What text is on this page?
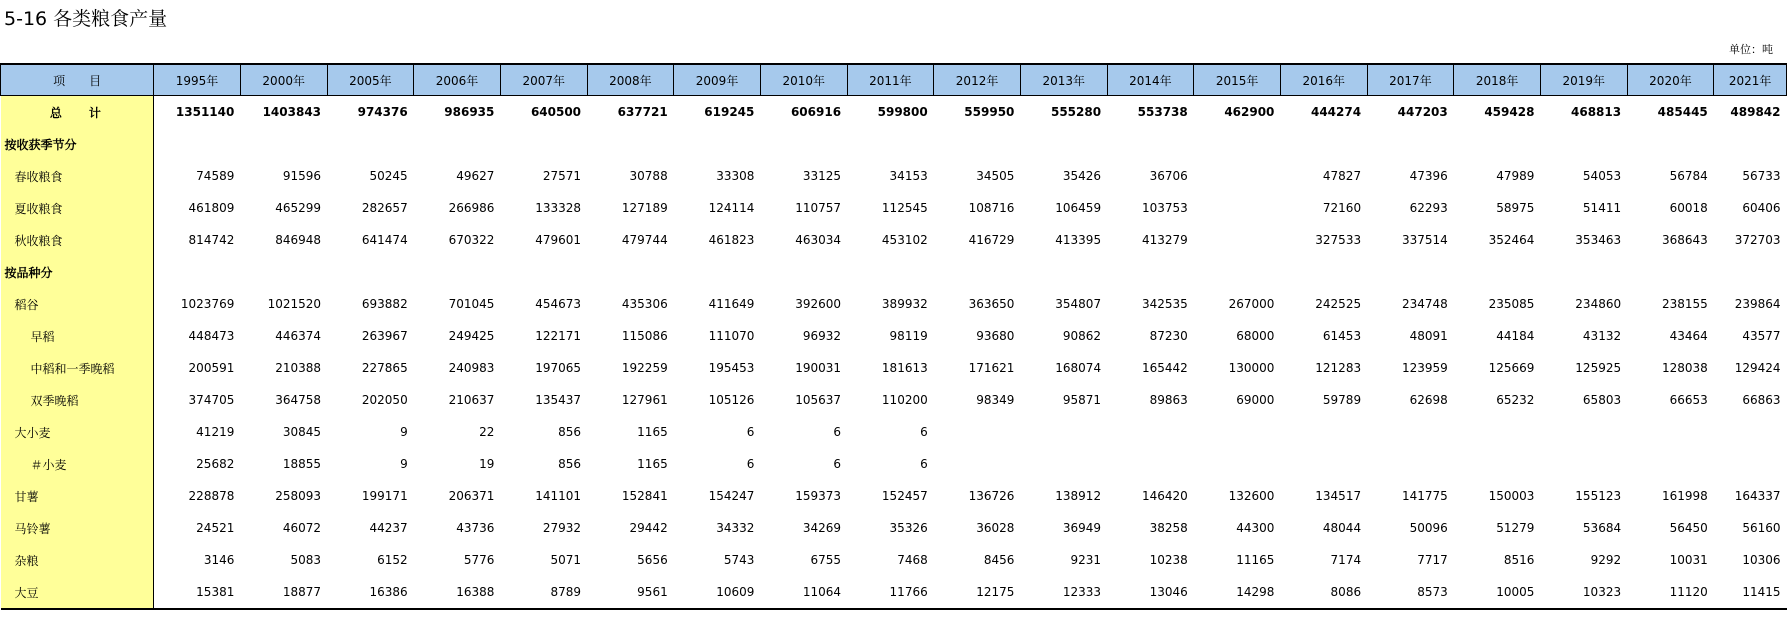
5-16 各类粮食产量
单位：吨
项　　目	1995年	2000年	2005年	2006年	2007年	2008年	2009年	2010年	2011年	2012年	2013年	2014年	2015年	2016年	2017年	2018年	2019年	2020年	2021年
总　　计	1351140	1403843	974376	986935	640500	637721	619245	606916	599800	559950	555280	553738	462900	444274	447203	459428	468813	485445	489842
按收获季节分																			
春收粮食	74589	91596	50245	49627	27571	30788	33308	33125	34153	34505	35426	36706		47827	47396	47989	54053	56784	56733
夏收粮食	461809	465299	282657	266986	133328	127189	124114	110757	112545	108716	106459	103753		72160	62293	58975	51411	60018	60406
秋收粮食	814742	846948	641474	670322	479601	479744	461823	463034	453102	416729	413395	413279		327533	337514	352464	353463	368643	372703
按品种分																			
稻谷	1023769	1021520	693882	701045	454673	435306	411649	392600	389932	363650	354807	342535	267000	242525	234748	235085	234860	238155	239864
早稻	448473	446374	263967	249425	122171	115086	111070	96932	98119	93680	90862	87230	68000	61453	48091	44184	43132	43464	43577
中稻和一季晚稻	200591	210388	227865	240983	197065	192259	195453	190031	181613	171621	168074	165442	130000	121283	123959	125669	125925	128038	129424
双季晚稻	374705	364758	202050	210637	135437	127961	105126	105637	110200	98349	95871	89863	69000	59789	62698	65232	65803	66653	66863
大小麦	41219	30845	9	22	856	1165	6	6	6										
＃小麦	25682	18855	9	19	856	1165	6	6	6										
甘薯	228878	258093	199171	206371	141101	152841	154247	159373	152457	136726	138912	146420	132600	134517	141775	150003	155123	161998	164337
马铃薯	24521	46072	44237	43736	27932	29442	34332	34269	35326	36028	36949	38258	44300	48044	50096	51279	53684	56450	56160
杂粮	3146	5083	6152	5776	5071	5656	5743	6755	7468	8456	9231	10238	11165	7174	7717	8516	9292	10031	10306
大豆	15381	18877	16386	16388	8789	9561	10609	11064	11766	12175	12333	13046	14298	8086	8573	10005	10323	11120	11415
